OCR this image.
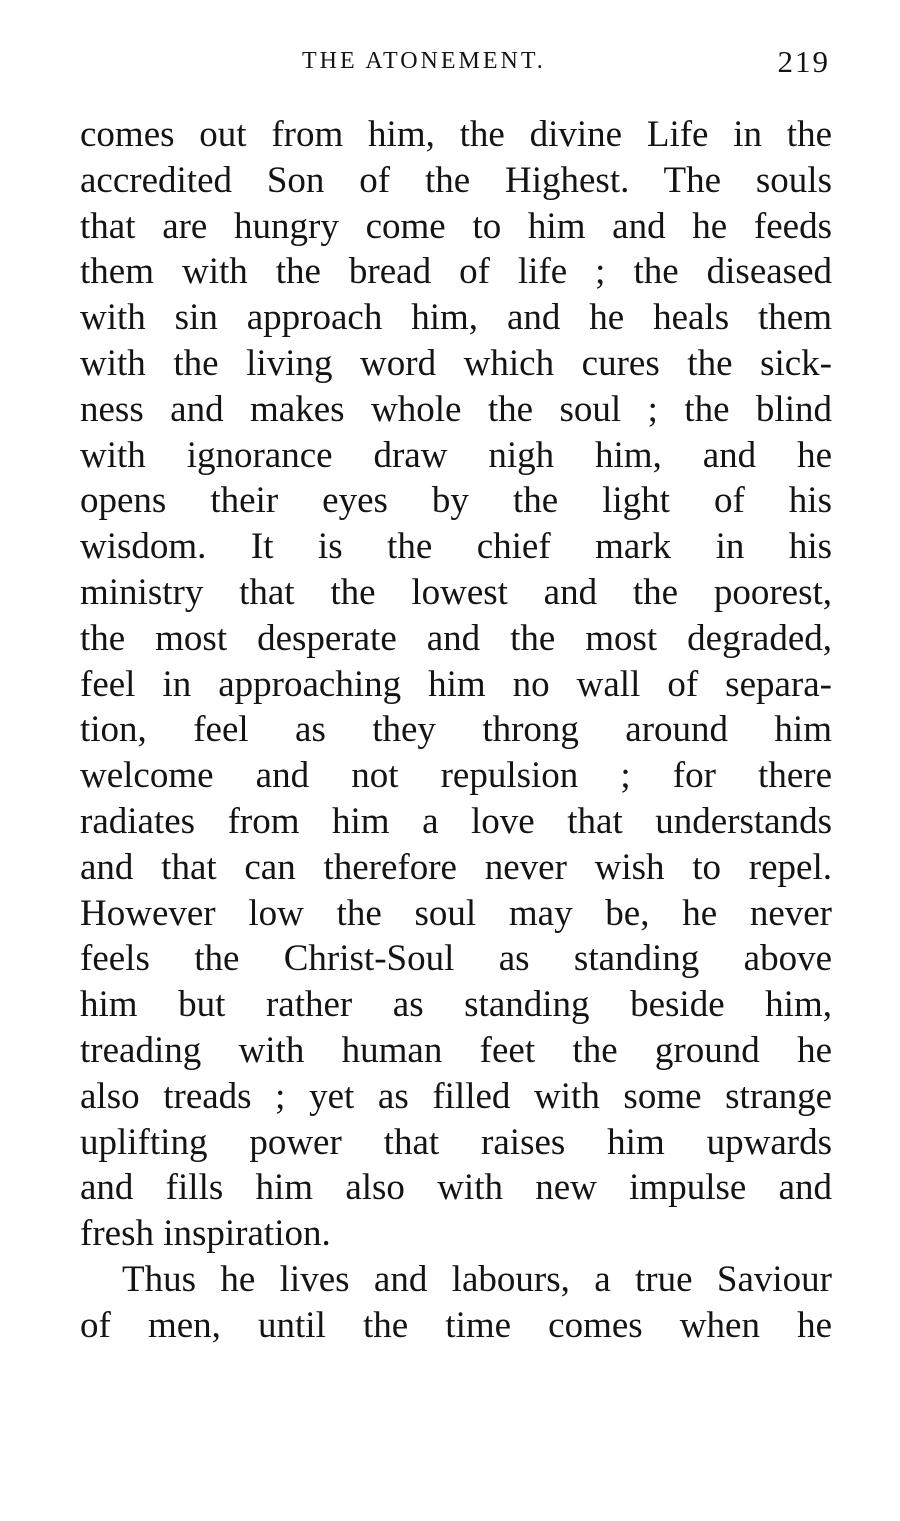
THE ATONEMENT.	219
comes out from him, the divine Life in the
accredited Son of the Highest. The souls
that are hungry come to him and he feeds
them with the bread of life ; the diseased
with sin approach him, and he heals them
with the living word which cures the sick-
ness and makes whole the soul ; the blind
with ignorance draw nigh him, and he
opens their eyes by the light of his
wisdom. It is the chief mark in his
ministry that the lowest and the poorest,
the most desperate and the most degraded,
feel in approaching him no wall of separa-
tion, feel as they throng around him
welcome and not repulsion ; for there
radiates from him a love that understands
and that can therefore never wish to repel.
However low the soul may be, he never
feels the Christ-Soul as standing above
him but rather as standing beside him,
treading with human feet the ground he
also treads ; yet as filled with some strange
uplifting power that raises him upwards
and fills him also with new impulse and
fresh inspiration.
Thus he lives and labours, a true Saviour
of men, until the time comes when he
